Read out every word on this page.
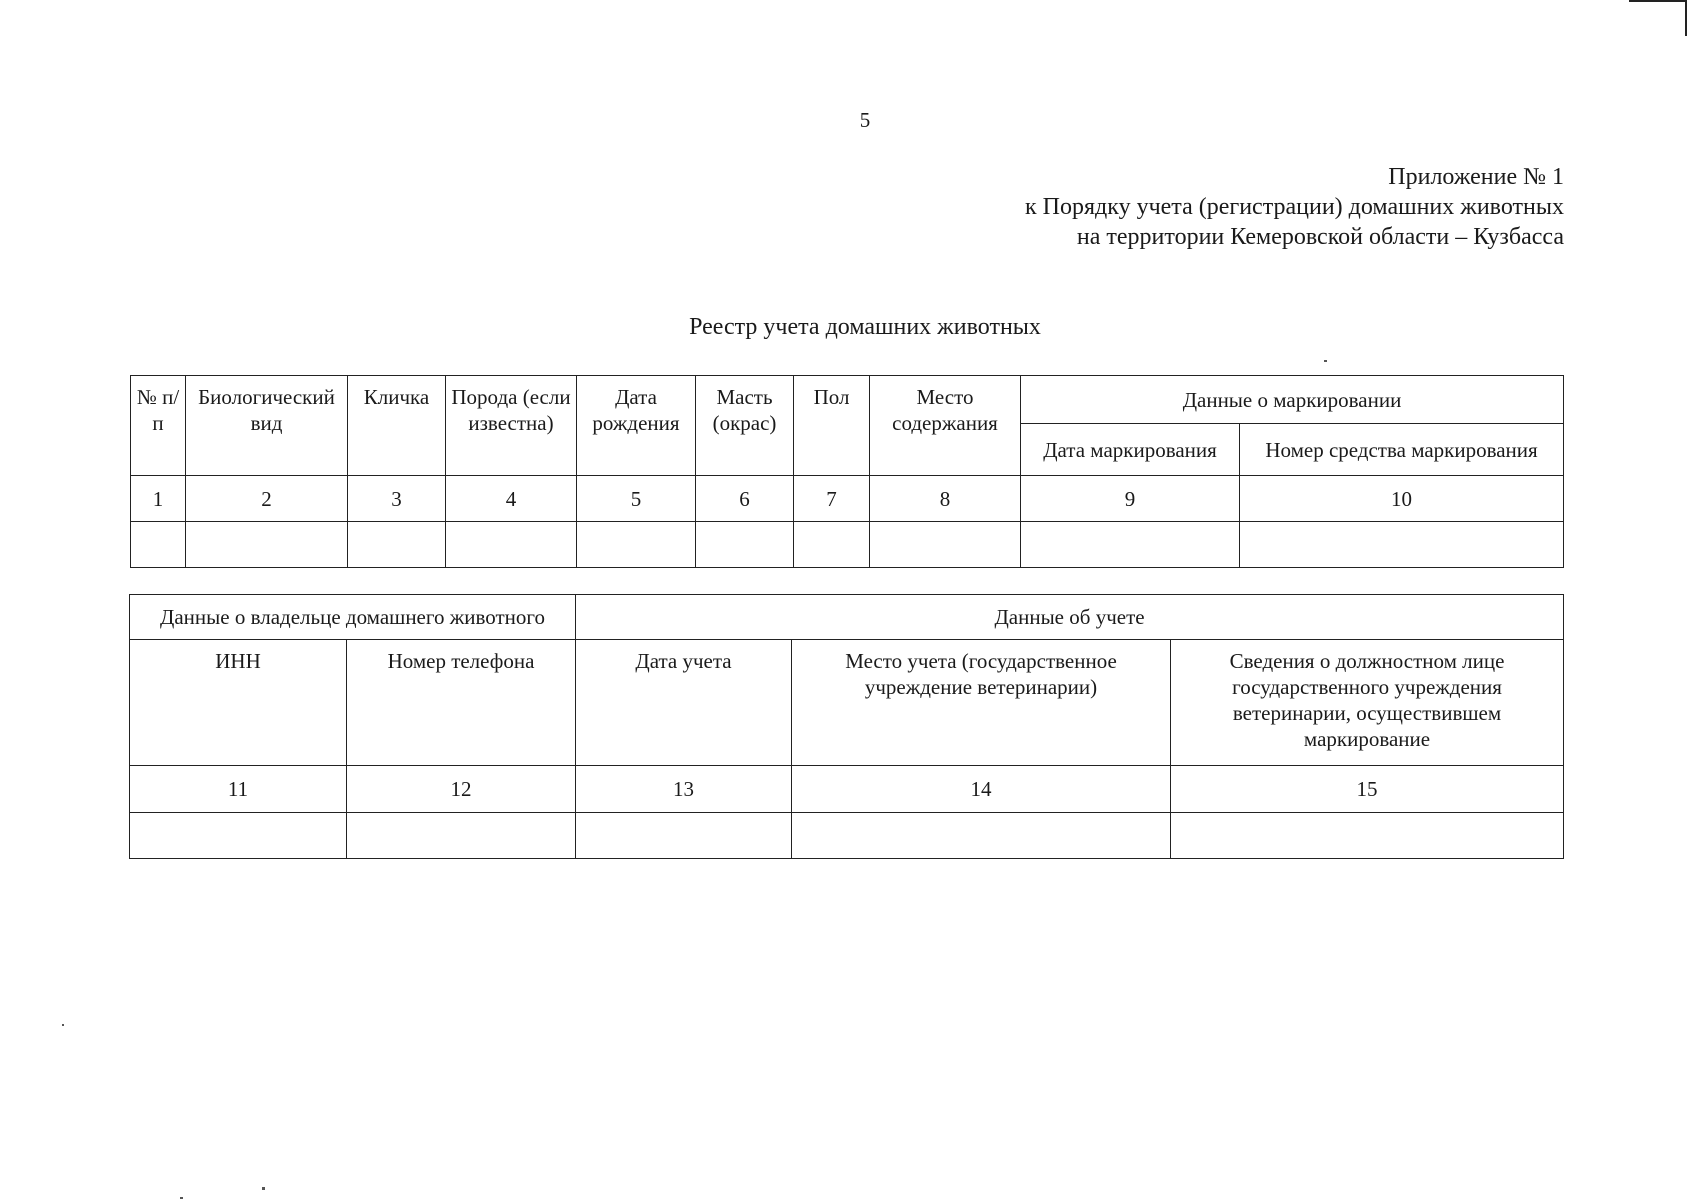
5
Приложение № 1
к Порядку учета (регистрации) домашних животных
на территории Кемеровской области – Кузбасса
Реестр учета домашних животных
№ п/п	Биологический вид	Кличка	Порода (если известна)	Дата рождения	Масть (окрас)	Пол	Место содержания	Данные о маркировании	
								Дата маркирования	Номер средства маркирования
1	2	3	4	5	6	7	8	9	10

Данные о владельце домашнего животного		Данные об учете		
ИНН	Номер телефона	Дата учета	Место учета (государственное учреждение ветеринарии)	Сведения о должностном лице государственного учреждения ветеринарии, осуществившем маркирование
11	12	13	14	15
